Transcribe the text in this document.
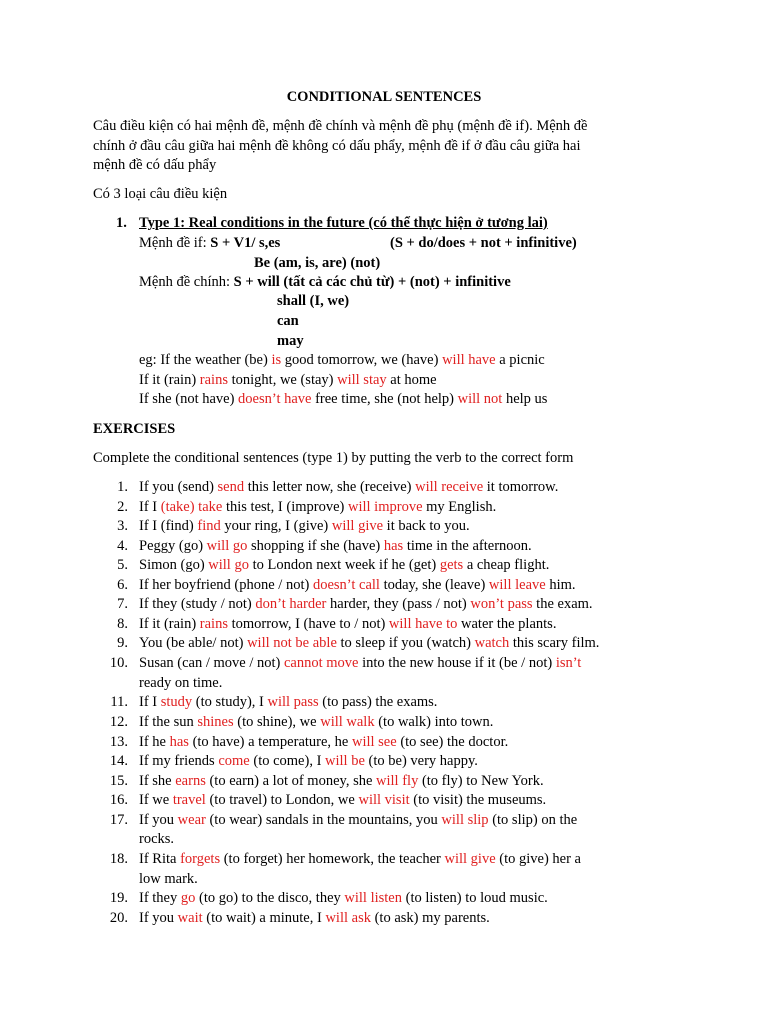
CONDITIONAL SENTENCES
Câu điều kiện có hai mệnh đề, mệnh đề chính và mệnh đề phụ (mệnh đề if). Mệnh đề
chính ở đầu câu giữa hai mệnh đề không có dấu phẩy, mệnh đề if ở đầu câu giữa hai
mệnh đề có dấu phẩy
Có 3 loại câu điều kiện
1. Type 1: Real conditions in the future (có thể thực hiện ở tương lai)
Mệnh đề if: S + V1/ s,es	(S + do/does + not + infinitive)
Be (am, is, are) (not)
Mệnh đề chính: S + will (tất cả các chủ từ) + (not) + infinitive
shall (I, we)
can
may
eg: If the weather (be) is good tomorrow, we (have) will have a picnic
If it (rain) rains tonight, we (stay) will stay at home
If she (not have) doesn’t have free time, she (not help) will not help us
EXERCISES
Complete the conditional sentences (type 1) by putting the verb to the correct form
1. If you (send) send this letter now, she (receive) will receive it tomorrow.
2. If I (take) take this test, I (improve) will improve my English.
3. If I (find) find your ring, I (give) will give it back to you.
4. Peggy (go) will go shopping if she (have) has time in the afternoon.
5. Simon (go) will go to London next week if he (get) gets a cheap flight.
6. If her boyfriend (phone / not) doesn’t call today, she (leave) will leave him.
7. If they (study / not) don’t harder harder, they (pass / not) won’t pass the exam.
8. If it (rain) rains tomorrow, I (have to / not) will have to water the plants.
9. You (be able/ not) will not be able to sleep if you (watch) watch this scary film.
10. Susan (can / move / not) cannot move into the new house if it (be / not) isn’t
ready on time.
11. If I study (to study), I will pass (to pass) the exams.
12. If the sun shines (to shine), we will walk (to walk) into town.
13. If he has (to have) a temperature, he will see (to see) the doctor.
14. If my friends come (to come), I will be (to be) very happy.
15. If she earns (to earn) a lot of money, she will fly (to fly) to New York.
16. If we travel (to travel) to London, we will visit (to visit) the museums.
17. If you wear (to wear) sandals in the mountains, you will slip (to slip) on the
rocks.
18. If Rita forgets (to forget) her homework, the teacher will give (to give) her a
low mark.
19. If they go (to go) to the disco, they will listen (to listen) to loud music.
20. If you wait (to wait) a minute, I will ask (to ask) my parents.
